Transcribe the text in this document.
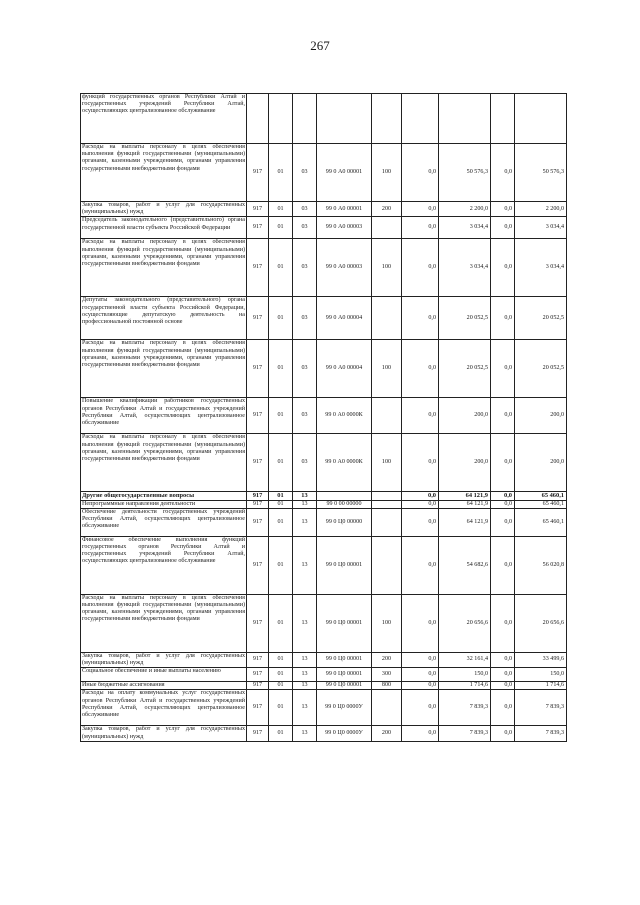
267
функций государственных органов Республики Алтай и государственных учреждений Республики Алтай, осуществляющих централизованное обслуживание									
Расходы на выплаты персоналу в целях обеспечения выполнения функций государственными (муниципальными) органами, казенными учреждениями, органами управления государственными внебюджетными фондами	917	01	03	99 0 А0 00001	100	0,0	50 576,3	0,0	50 576,3
Закупка товаров, работ и услуг для государственных (муниципальных) нужд	917	01	03	99 0 А0 00001	200	0,0	2 200,0	0,0	2 200,0
Председатель законодательного (представительного) органа государственной власти субъекта Российской Федерации	917	01	03	99 0 А0 00003		0,0	3 034,4	0,0	3 034,4
Расходы на выплаты персоналу в целях обеспечения выполнения функций государственными (муниципальными) органами, казенными учреждениями, органами управления государственными внебюджетными фондами	917	01	03	99 0 А0 00003	100	0,0	3 034,4	0,0	3 034,4
Депутаты законодательного (представительного) органа государственной власти субъекта Российской Федерации, осуществляющие депутатскую деятельность на профессиональной постоянной основе	917	01	03	99 0 А0 00004		0,0	20 052,5	0,0	20 052,5
Расходы на выплаты персоналу в целях обеспечения выполнения функций государственными (муниципальными) органами, казенными учреждениями, органами управления государственными внебюджетными фондами	917	01	03	99 0 А0 00004	100	0,0	20 052,5	0,0	20 052,5
Повышение квалификации работников государственных органов Республики Алтай и государственных учреждений Республики Алтай, осуществляющих централизованное обслуживание	917	01	03	99 0 А0 0000К		0,0	200,0	0,0	200,0
Расходы на выплаты персоналу в целях обеспечения выполнения функций государственными (муниципальными) органами, казенными учреждениями, органами управления государственными внебюджетными фондами	917	01	03	99 0 А0 0000К	100	0,0	200,0	0,0	200,0
Другие общегосударственные вопросы	917	01	13			0,0	64 121,9	0,0	65 460,1
Непрограммные направления деятельности	917	01	13	99 0 00 00000		0,0	64 121,9	0,0	65 460,1
Обеспечение деятельности государственных учреждений Республики Алтай, осуществляющих централизованное обслуживание	917	01	13	99 0 Ц0 00000		0,0	64 121,9	0,0	65 460,1
Финансовое обеспечение выполнения функций государственных органов Республики Алтай и государственных учреждений Республики Алтай, осуществляющих централизованное обслуживание	917	01	13	99 0 Ц0 00001		0,0	54 682,6	0,0	56 020,8
Расходы на выплаты персоналу в целях обеспечения выполнения функций государственными (муниципальными) органами, казенными учреждениями, органами управления государственными внебюджетными фондами	917	01	13	99 0 Ц0 00001	100	0,0	20 656,6	0,0	20 656,6
Закупка товаров, работ и услуг для государственных (муниципальных) нужд	917	01	13	99 0 Ц0 00001	200	0,0	32 161,4	0,0	33 499,6
Социальное обеспечение и иные выплаты населению	917	01	13	99 0 Ц0 00001	300	0,0	150,0	0,0	150,0
Иные бюджетные ассигнования	917	01	13	99 0 Ц0 00001	800	0,0	1 714,6	0,0	1 714,6
Расходы на оплату коммунальных услуг государственных органов Республики Алтай и государственных учреждений Республики Алтай, осуществляющих централизованное обслуживание	917	01	13	99 0 Ц0 0000У		0,0	7 839,3	0,0	7 839,3
Закупка товаров, работ и услуг для государственных (муниципальных) нужд	917	01	13	99 0 Ц0 0000У	200	0,0	7 839,3	0,0	7 839,3
